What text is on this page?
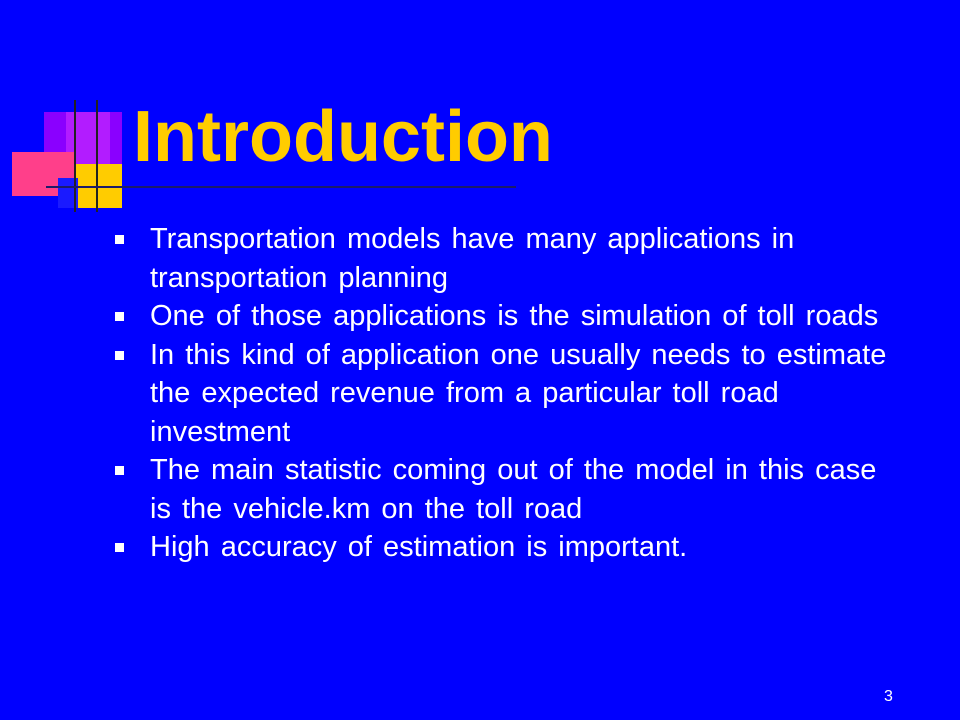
Introduction
Transportation models have many applications in transportation planning
One of those applications is the simulation of toll roads
In this kind of application one usually needs to estimate the expected revenue from a particular toll road investment
The main statistic coming out of the model in this case is the vehicle.km on the toll road
High accuracy of estimation is important.
3
